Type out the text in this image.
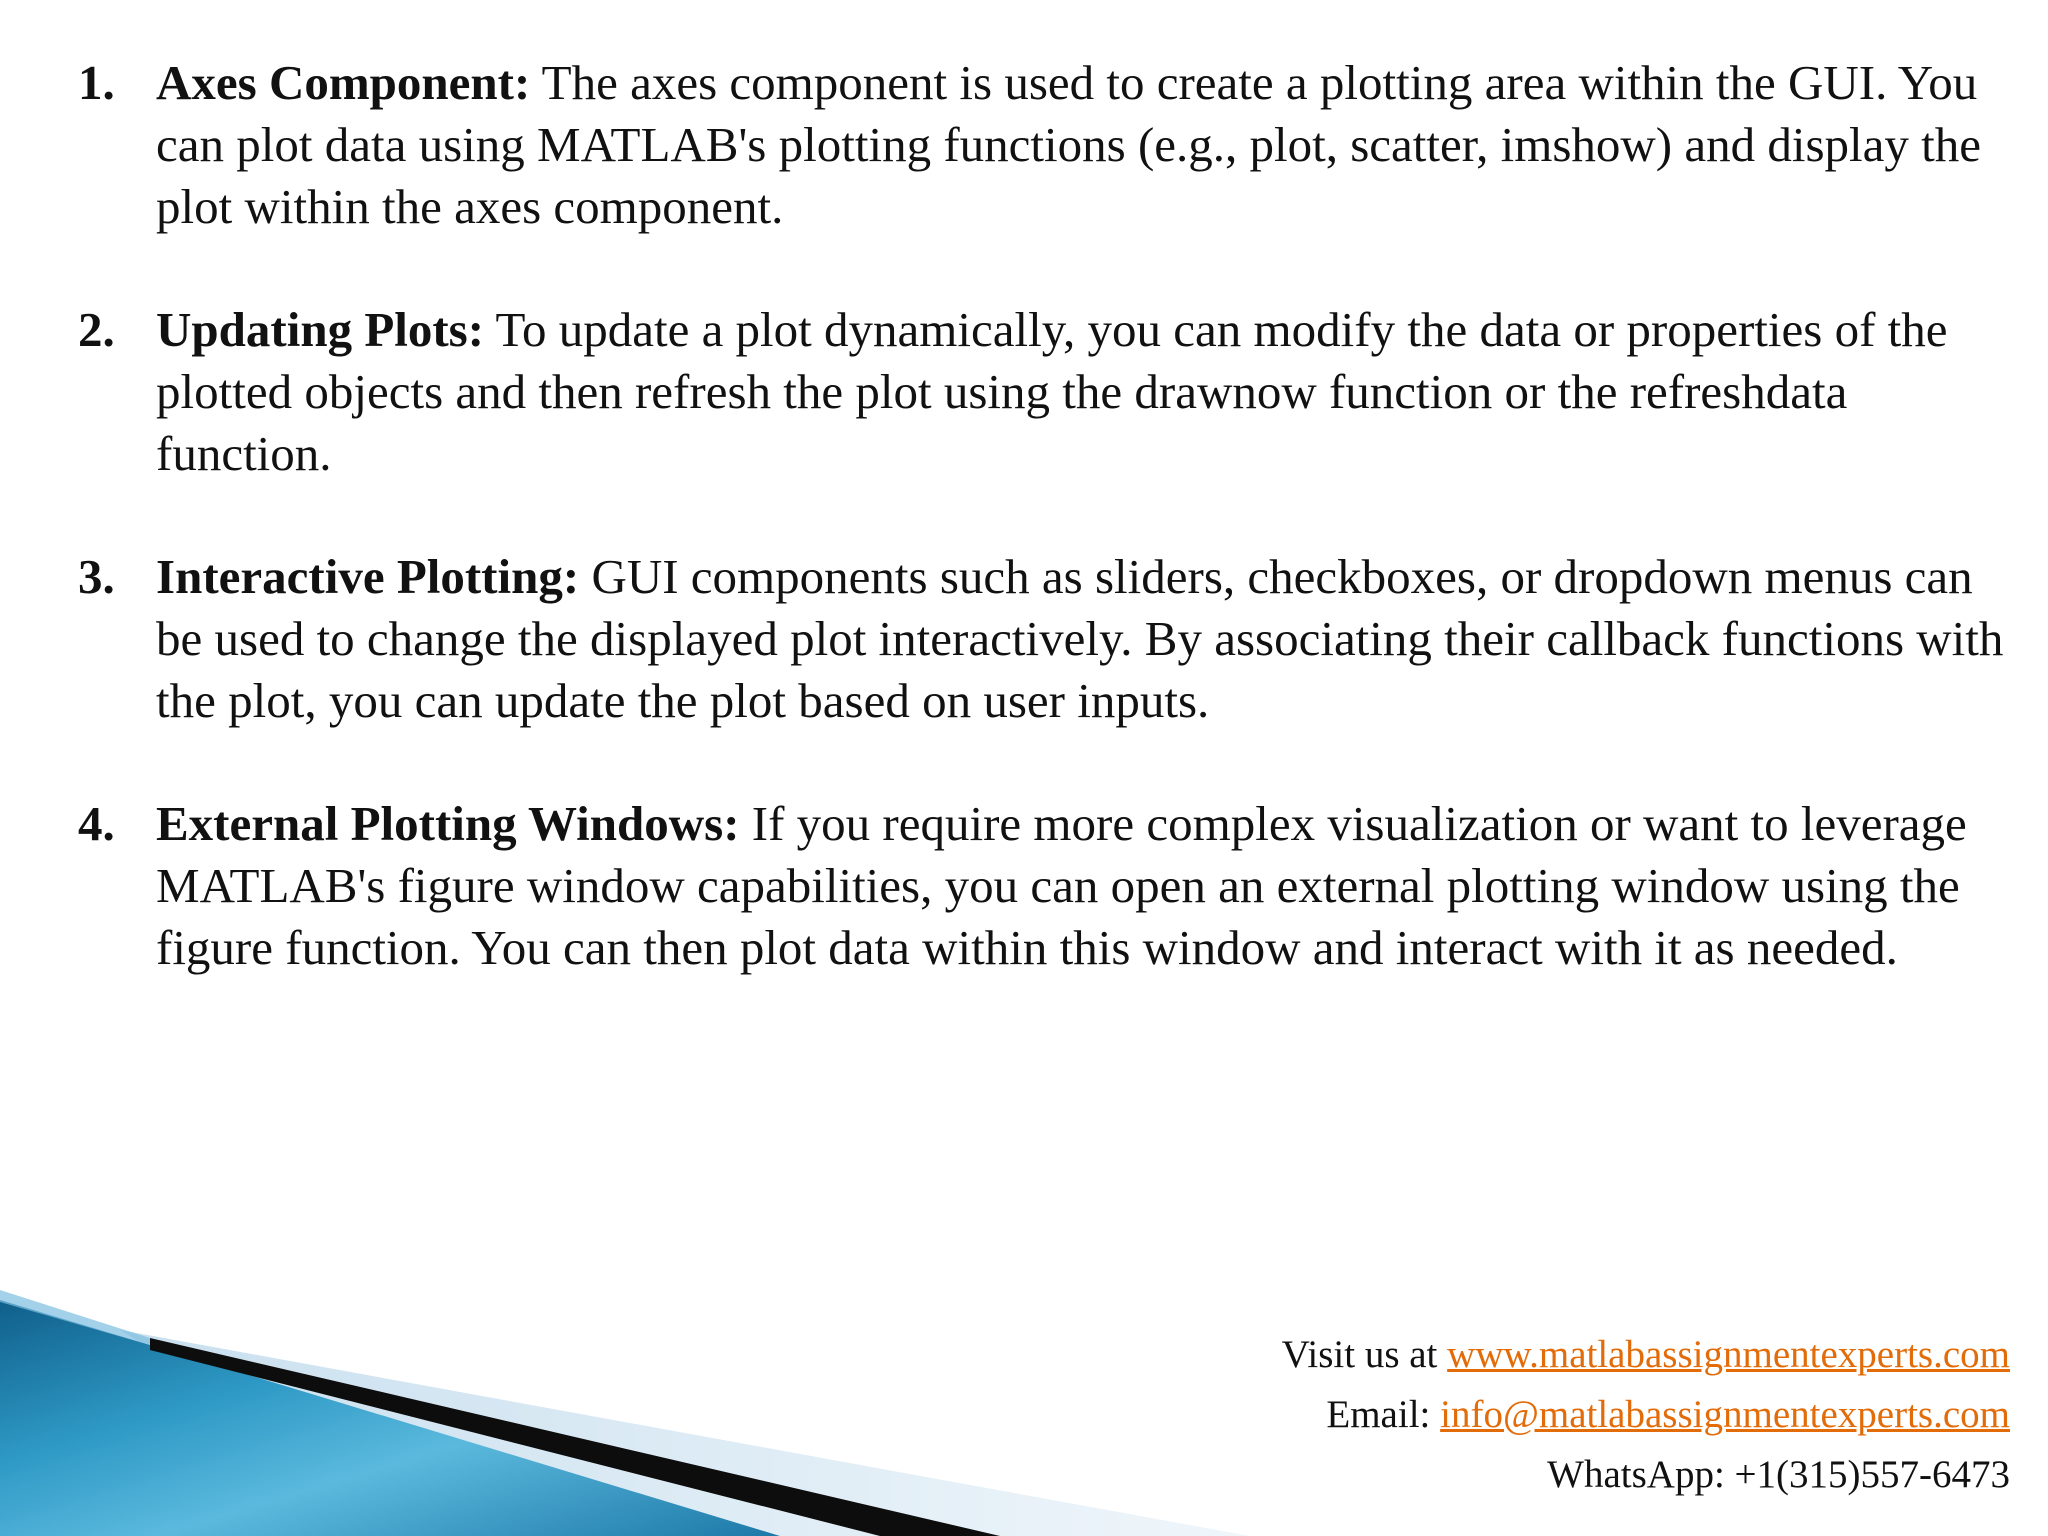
1. Axes Component: The axes component is used to create a plotting area within the GUI. You can plot data using MATLAB's plotting functions (e.g., plot, scatter, imshow) and display the plot within the axes component.
2. Updating Plots: To update a plot dynamically, you can modify the data or properties of the plotted objects and then refresh the plot using the drawnow function or the refreshdata function.
3. Interactive Plotting: GUI components such as sliders, checkboxes, or dropdown menus can be used to change the displayed plot interactively. By associating their callback functions with the plot, you can update the plot based on user inputs.
4. External Plotting Windows: If you require more complex visualization or want to leverage MATLAB's figure window capabilities, you can open an external plotting window using the figure function. You can then plot data within this window and interact with it as needed.
Visit us at www.matlabassignmentexperts.com
Email: info@matlabassignmentexperts.com
WhatsApp: +1(315)557-6473
